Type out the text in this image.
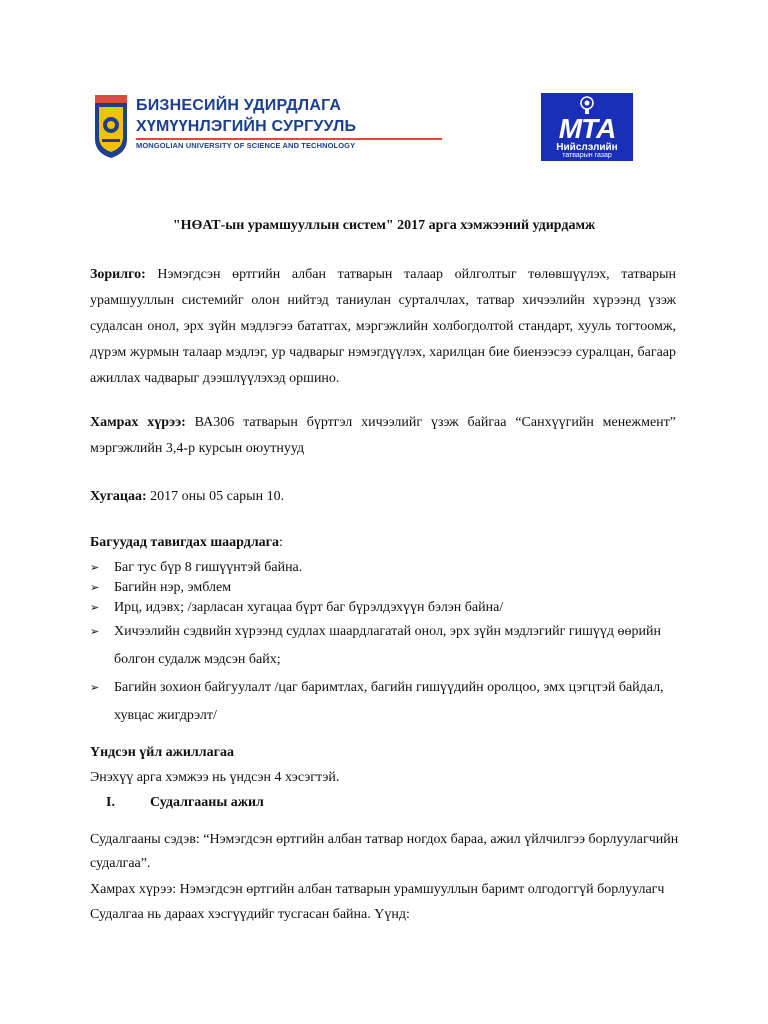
БИЗНЕСИЙН УДИРДЛАГА
ХҮМҮҮНЛЭГИЙН СУРГУУЛЬ
MONGOLIAN UNIVERSITY OF SCIENCE AND TECHNOLOGY
МТА
Нийслэлийн
татварын газар
"НӨАТ-ын урамшууллын систем" 2017 арга хэмжээний удирдамж
Зорилго: Нэмэгдсэн өртгийн албан татварын талаар ойлголтыг төлөвшүүлэх, татварын урамшууллын системийг олон нийтэд таниулан сурталчлах, татвар хичээлийн хүрээнд үзэж судалсан онол, эрх зүйн мэдлэгээ бататгах, мэргэжлийн холбогдолтой стандарт, хууль тогтоомж, дүрэм журмын талаар мэдлэг, ур чадварыг нэмэгдүүлэх, харилцан бие биенээсээ суралцан, багаар ажиллах чадварыг дээшлүүлэхэд оршино.
Хамрах хүрээ: ВА306 татварын бүртгэл хичээлийг үзэж байгаа “Санхүүгийн менежмент” мэргэжлийн 3,4-р курсын оюутнууд
Хугацаа: 2017 оны 05 сарын 10.
Багуудад тавигдах шаардлага:
➢ Баг тус бүр 8 гишүүнтэй байна.
➢ Багийн нэр, эмблем
➢ Ирц, идэвх; /зарласан хугацаа бүрт баг бүрэлдэхүүн бэлэн байна/
➢ Хичээлийн сэдвийн хүрээнд судлах шаардлагатай онол, эрх зүйн мэдлэгийг гишүүд өөрийн болгон судалж мэдсэн байх;
➢ Багийн зохион байгуулалт /цаг баримтлах, багийн гишүүдийн оролцоо, эмх цэгцтэй байдал, хувцас жигдрэлт/
Үндсэн үйл ажиллагаа
Энэхүү арга хэмжээ нь үндсэн 4 хэсэгтэй.
I.	Судалгааны ажил
Судалгааны сэдэв: “Нэмэгдсэн өртгийн албан татвар ногдох бараа, ажил үйлчилгээ борлуулагчийн
судалгаа”.
Хамрах хүрээ: Нэмэгдсэн өртгийн албан татварын урамшууллын баримт олгодоггүй борлуулагч
Судалгаа нь дараах хэсгүүдийг тусгасан байна. Үүнд:
